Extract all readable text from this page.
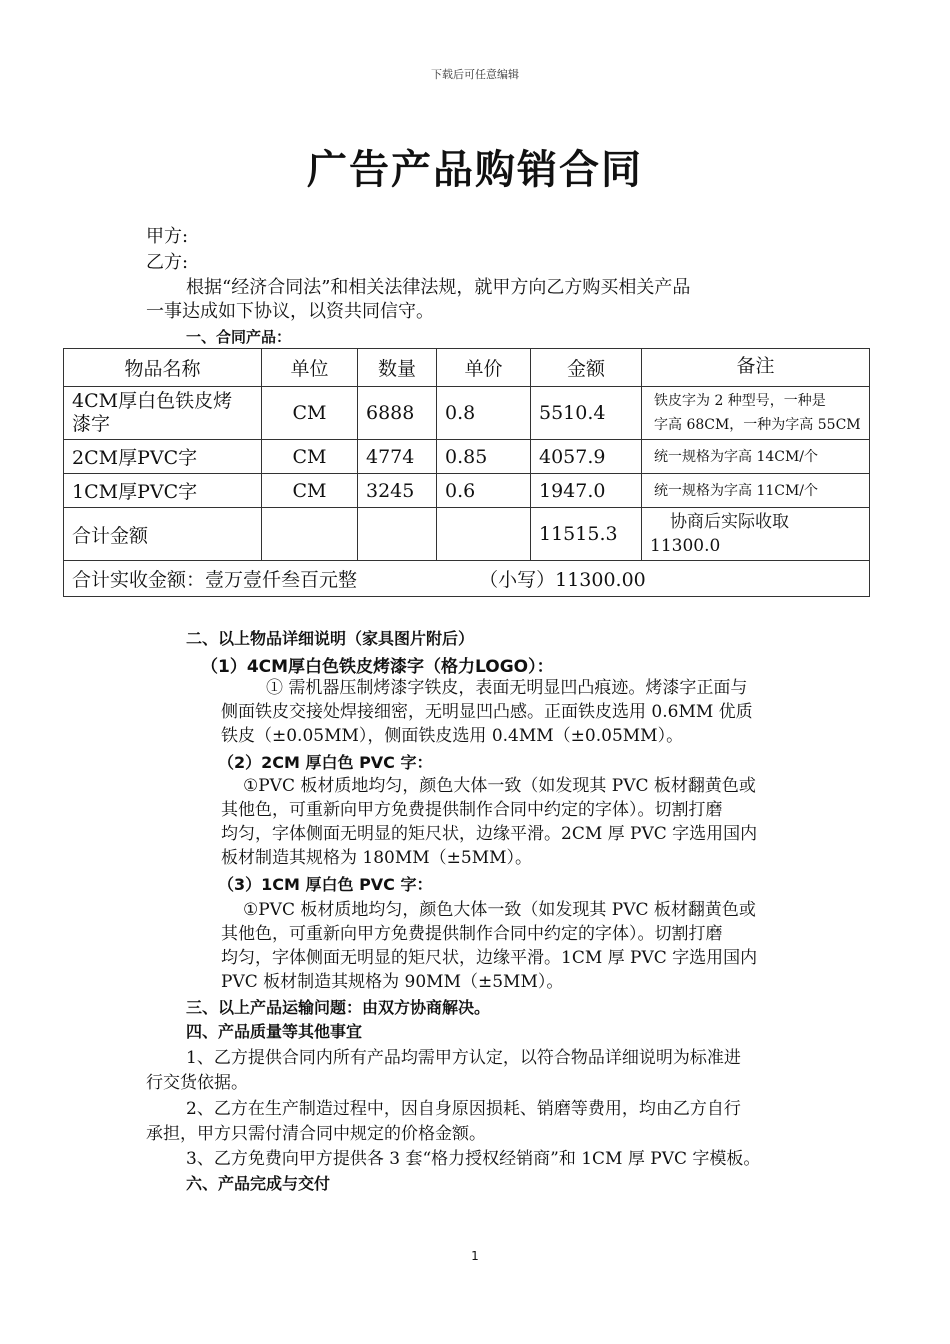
下载后可任意编辑
广告产品购销合同
甲方:
乙方:
根据“经济合同法”和相关法律法规，就甲方向乙方购买相关产品
一事达成如下协议，以资共同信守。
一、合同产品：
物品名称	单位	数量	单价	金额	备注
4CM厚白色铁皮烤
漆字	CM	6888	0.8	5510.4	铁皮字为 2 种型号，一种是
字高 68CM，一种为字高 55CM
2CM厚PVC字	CM	4774	0.85	4057.9	统一规格为字高 14CM/个
1CM厚PVC字	CM	3245	0.6	1947.0	统一规格为字高 11CM/个
合计金额				11515.3	协商后实际收取
11300.0
合计实收金额：壹万壹仟叁百元整 （小写）11300.00					
二、以上物品详细说明（家具图片附后）
（1）4CM厚白色铁皮烤漆字（格力LOGO）：
① 需机器压制烤漆字铁皮，表面无明显凹凸痕迹。烤漆字正面与
侧面铁皮交接处焊接细密，无明显凹凸感。正面铁皮选用 0.6MM 优质
铁皮（±0.05MM），侧面铁皮选用 0.4MM（±0.05MM）。
（2）2CM 厚白色 PVC 字：
①PVC 板材质地均匀，颜色大体一致（如发现其 PVC 板材翻黄色或
其他色，可重新向甲方免费提供制作合同中约定的字体）。切割打磨
均匀，字体侧面无明显的矩尺状，边缘平滑。2CM 厚 PVC 字选用国内
板材制造其规格为 180MM（±5MM）。
（3）1CM 厚白色 PVC 字：
①PVC 板材质地均匀，颜色大体一致（如发现其 PVC 板材翻黄色或
其他色，可重新向甲方免费提供制作合同中约定的字体）。切割打磨
均匀，字体侧面无明显的矩尺状，边缘平滑。1CM 厚 PVC 字选用国内
PVC 板材制造其规格为 90MM（±5MM）。
三、以上产品运输问题：由双方协商解决。
四、产品质量等其他事宜
1、乙方提供合同内所有产品均需甲方认定，以符合物品详细说明为标准进
行交货依据。
2、乙方在生产制造过程中，因自身原因损耗、销磨等费用，均由乙方自行
承担，甲方只需付清合同中规定的价格金额。
3、乙方免费向甲方提供各 3 套“格力授权经销商”和 1CM 厚 PVC 字模板。
六、产品完成与交付
1
